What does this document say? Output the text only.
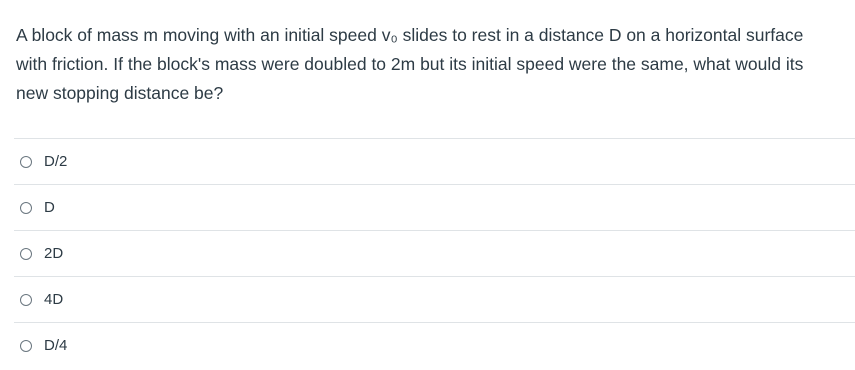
A block of mass m moving with an initial speed v₀ slides to rest in a distance D on a horizontal surface with friction. If the block's mass were doubled to 2m but its initial speed were the same, what would its new stopping distance be?
D/2
D
2D
4D
D/4
